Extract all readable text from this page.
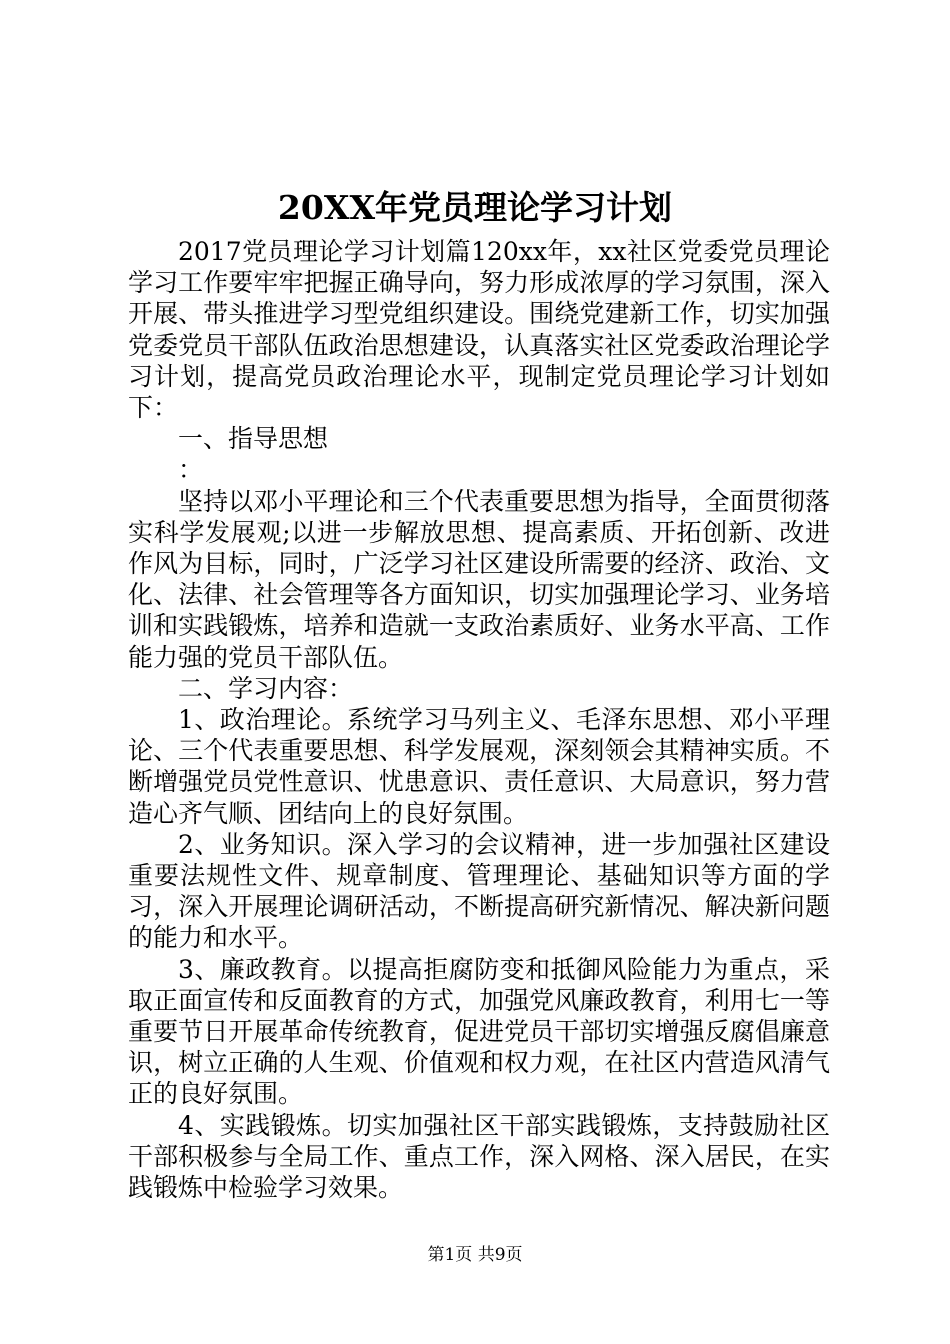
20XX年党员理论学习计划

2017党员理论学习计划篇120xx年，xx社区党委党员理论学习工作要牢牢把握正确导向，努力形成浓厚的学习氛围，深入开展、带头推进学习型党组织建设。围绕党建新工作，切实加强党委党员干部队伍政治思想建设，认真落实社区党委政治理论学习计划，提高党员政治理论水平，现制定党员理论学习计划如下：

一、指导思想

：

坚持以邓小平理论和三个代表重要思想为指导，全面贯彻落实科学发展观;以进一步解放思想、提高素质、开拓创新、改进作风为目标，同时，广泛学习社区建设所需要的经济、政治、文化、法律、社会管理等各方面知识，切实加强理论学习、业务培训和实践锻炼，培养和造就一支政治素质好、业务水平高、工作能力强的党员干部队伍。

二、学习内容：

1、政治理论。系统学习马列主义、毛泽东思想、邓小平理论、三个代表重要思想、科学发展观，深刻领会其精神实质。不断增强党员党性意识、忧患意识、责任意识、大局意识，努力营造心齐气顺、团结向上的良好氛围。

2、业务知识。深入学习的会议精神，进一步加强社区建设重要法规性文件、规章制度、管理理论、基础知识等方面的学习，深入开展理论调研活动，不断提高研究新情况、解决新问题的能力和水平。

3、廉政教育。以提高拒腐防变和抵御风险能力为重点，采取正面宣传和反面教育的方式，加强党风廉政教育，利用七一等重要节日开展革命传统教育，促进党员干部切实增强反腐倡廉意识，树立正确的人生观、价值观和权力观，在社区内营造风清气正的良好氛围。

4、实践锻炼。切实加强社区干部实践锻炼，支持鼓励社区干部积极参与全局工作、重点工作，深入网格、深入居民，在实践锻炼中检验学习效果。

第1页 共9页
